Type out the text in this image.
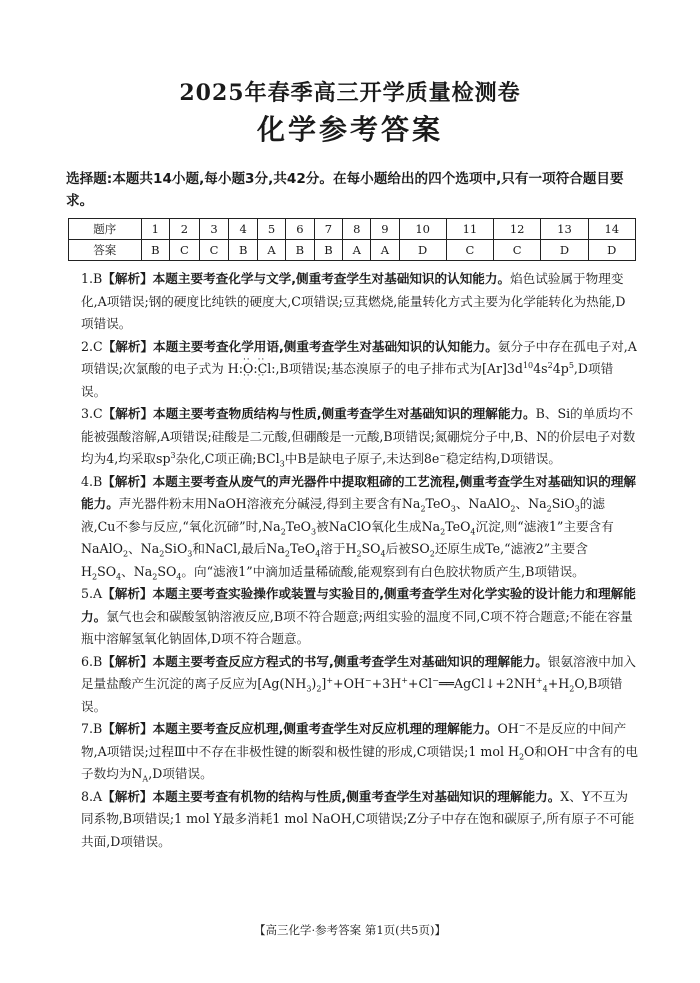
2025年春季高三开学质量检测卷
化学参考答案
选择题:本题共14小题,每小题3分,共42分。在每小题给出的四个选项中,只有一项符合题目要求。
题序	1	2	3	4	5	6	7	8	9	10	11	12	13	14
答案	B	C	C	B	A	B	B	A	A	D	C	C	D	D
1.B【解析】本题主要考查化学与文学,侧重考查学生对基础知识的认知能力。焰色试验属于物理变化,A项错误;钢的硬度比纯铁的硬度大,C项错误;豆萁燃烧,能量转化方式主要为化学能转化为热能,D项错误。
2.C【解析】本题主要考查化学用语,侧重考查学生对基础知识的认知能力。氨分子中存在孤电子对,A项错误;次氯酸的电子式为 H:· · O · ·:· · Cl · ·:,B项错误;基态溴原子的电子排布式为$[Ar]3d^{10}4s^24p^5,D$项错误。
3.C【解析】本题主要考查物质结构与性质,侧重考查学生对基础知识的理解能力。B、Si的单质均不能被强酸溶解,A项错误;硅酸是二元酸,但硼酸是一元酸,B项错误;氮硼烷分子中,B、N的价层电子对数均为4,均采取$sp^3$杂化,C项正确;BCl$_3$中B是缺电子原子,未达到8e−稳定结构,D项错误。
4.B【解析】本题主要考查从废气的声光器件中提取粗碲的工艺流程,侧重考查学生对基础知识的理解能力。声光器件粉末用NaOH溶液充分碱浸,得到主要含有$Na_2TeO_3$、NaAlO$_2$、$Na_2SiO_3$的滤液,Cu不参与反应,“氧化沉碲”时$,Na_2TeO_3$被NaClO氧化生成$Na_2TeO_4$沉淀,则“滤液1”主要含有NaAlO$_2$、$Na_2SiO_3$和NaCl,最后$Na_2TeO_4$溶于$H_2SO_4$后被$SO_2$还原生成Te,“滤液2”主要含$H_2SO_4$、$Na_2SO_4$。向“滤液1”中滴加适量稀硫酸,能观察到有白色胶状物质产生,B项错误。
5.A【解析】本题主要考查实验操作或装置与实验目的,侧重考查学生对化学实验的设计能力和理解能力。氯气也会和碳酸氢钠溶液反应,B项不符合题意;两组实验的温度不同,C项不符合题意;不能在容量瓶中溶解氢氧化钠固体,D项不符合题意。
6.B【解析】本题主要考查反应方程式的书写,侧重考查学生对基础知识的理解能力。银氨溶液中加入足量盐酸产生沉淀的离子反应为$[Ag(NH_3)_2]^++OH^-+3H^++Cl^-══AgCl↓+2NH^+_4+H_2O,B$项错误。
7.B【解析】本题主要考查反应机理,侧重考查学生对反应机理的理解能力。OH−不是反应的中间产物,A项错误;过程Ⅲ中不存在非极性键的断裂和极性键的形成,C项错误;1 mol $H_2O$和OH−中含有的电子数均为$N_A,D$项错误。
8.A【解析】本题主要考查有机物的结构与性质,侧重考查学生对基础知识的理解能力。X、Y不互为同系物,B项错误;1 mol Y最多消耗1 mol NaOH,C项错误;Z分子中存在饱和碳原子,所有原子不可能共面,D项错误。
【高三化学·参考答案 第1页(共5页)】
